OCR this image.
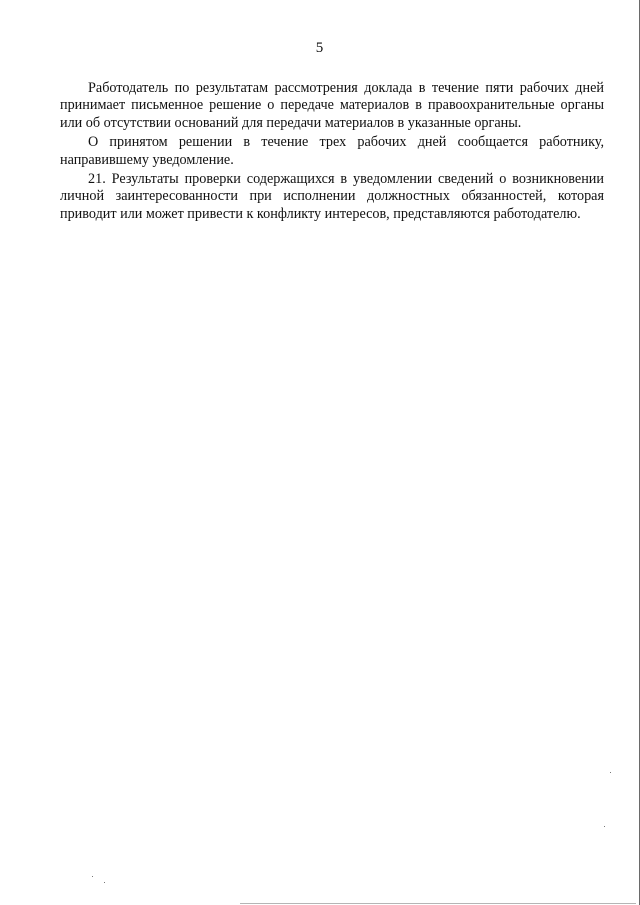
5

Работодатель по результатам рассмотрения доклада в течение пяти рабочих дней принимает письменное решение о передаче материалов в правоохранительные органы или об отсутствии оснований для передачи материалов в указанные органы.

О принятом решении в течение трех рабочих дней сообщается работнику, направившему уведомление.

21. Результаты проверки содержащихся в уведомлении сведений о возникновении личной заинтересованности при исполнении должностных обязанностей, которая приводит или может привести к конфликту интересов, представляются работодателю.
